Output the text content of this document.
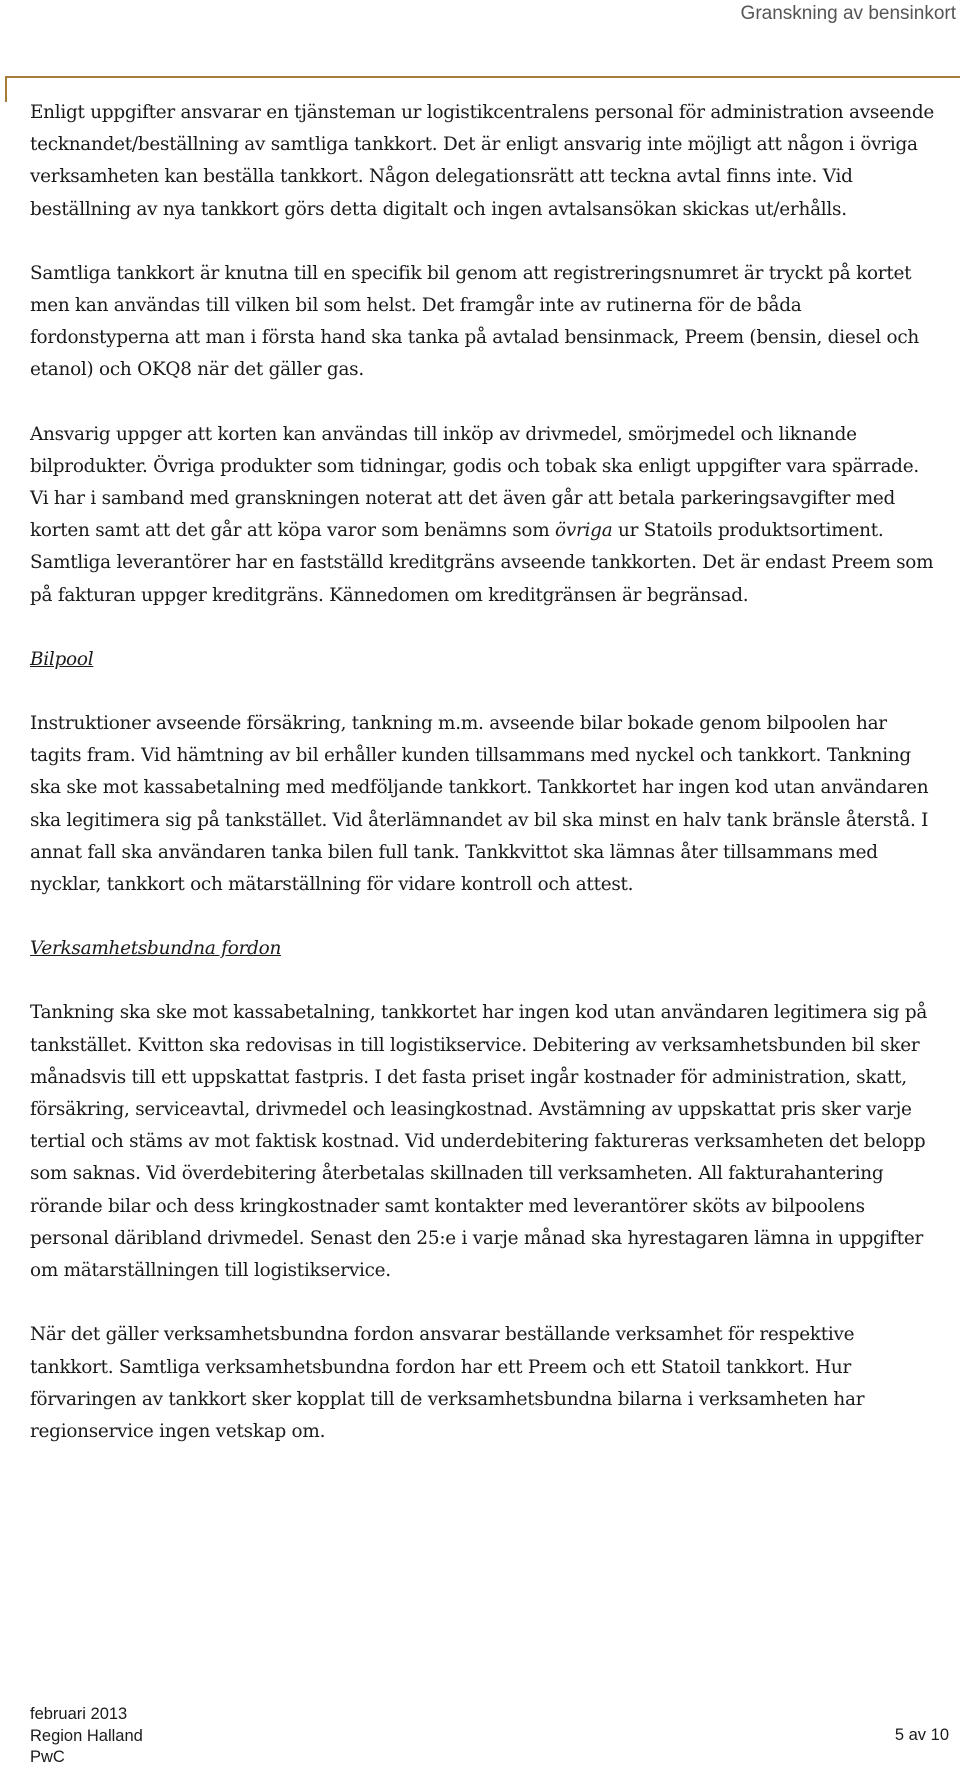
Granskning av bensinkort

Enligt uppgifter ansvarar en tjänsteman ur logistikcentralens personal för administration avseende tecknandet/beställning av samtliga tankkort. Det är enligt ansvarig inte möjligt att någon i övriga verksamheten kan beställa tankkort. Någon delegationsrätt att teckna avtal finns inte. Vid beställning av nya tankkort görs detta digitalt och ingen avtalsansökan skickas ut/erhålls.

Samtliga tankkort är knutna till en specifik bil genom att registreringsnumret är tryckt på kortet men kan användas till vilken bil som helst. Det framgår inte av rutinerna för de båda fordonstyperna att man i första hand ska tanka på avtalad bensinmack, Preem (bensin, diesel och etanol) och OKQ8 när det gäller gas.

Ansvarig uppger att korten kan användas till inköp av drivmedel, smörjmedel och liknande bilprodukter. Övriga produkter som tidningar, godis och tobak ska enligt uppgifter vara spärrade. Vi har i samband med granskningen noterat att det även går att betala parkeringsavgifter med korten samt att det går att köpa varor som benämns som övriga ur Statoils produktsortiment. Samtliga leverantörer har en fastställd kreditgräns avseende tankkorten. Det är endast Preem som på fakturan uppger kreditgräns. Kännedomen om kreditgränsen är begränsad.

Bilpool

Instruktioner avseende försäkring, tankning m.m. avseende bilar bokade genom bilpoolen har tagits fram. Vid hämtning av bil erhåller kunden tillsammans med nyckel och tankkort. Tankning ska ske mot kassabetalning med medföljande tankkort. Tankkortet har ingen kod utan användaren ska legitimera sig på tankstället. Vid återlämnandet av bil ska minst en halv tank bränsle återstå. I annat fall ska användaren tanka bilen full tank. Tankkvittot ska lämnas åter tillsammans med nycklar, tankkort och mätarställning för vidare kontroll och attest.

Verksamhetsbundna fordon

Tankning ska ske mot kassabetalning, tankkortet har ingen kod utan användaren legitimera sig på tankstället. Kvitton ska redovisas in till logistikservice. Debitering av verksamhetsbunden bil sker månadsvis till ett uppskattat fastpris. I det fasta priset ingår kostnader för administration, skatt, försäkring, serviceavtal, drivmedel och leasingkostnad. Avstämning av uppskattat pris sker varje tertial och stäms av mot faktisk kostnad. Vid underdebitering faktureras verksamheten det belopp som saknas. Vid överdebitering återbetalas skillnaden till verksamheten. All fakturahantering rörande bilar och dess kringkostnader samt kontakter med leverantörer sköts av bilpoolens personal däribland drivmedel. Senast den 25:e i varje månad ska hyrestagaren lämna in uppgifter om mätarställningen till logistikservice.

När det gäller verksamhetsbundna fordon ansvarar beställande verksamhet för respektive tankkort. Samtliga verksamhetsbundna fordon har ett Preem och ett Statoil tankkort. Hur förvaringen av tankkort sker kopplat till de verksamhetsbundna bilarna i verksamheten har regionservice ingen vetskap om.

februari 2013
Region Halland
PwC
5 av 10
